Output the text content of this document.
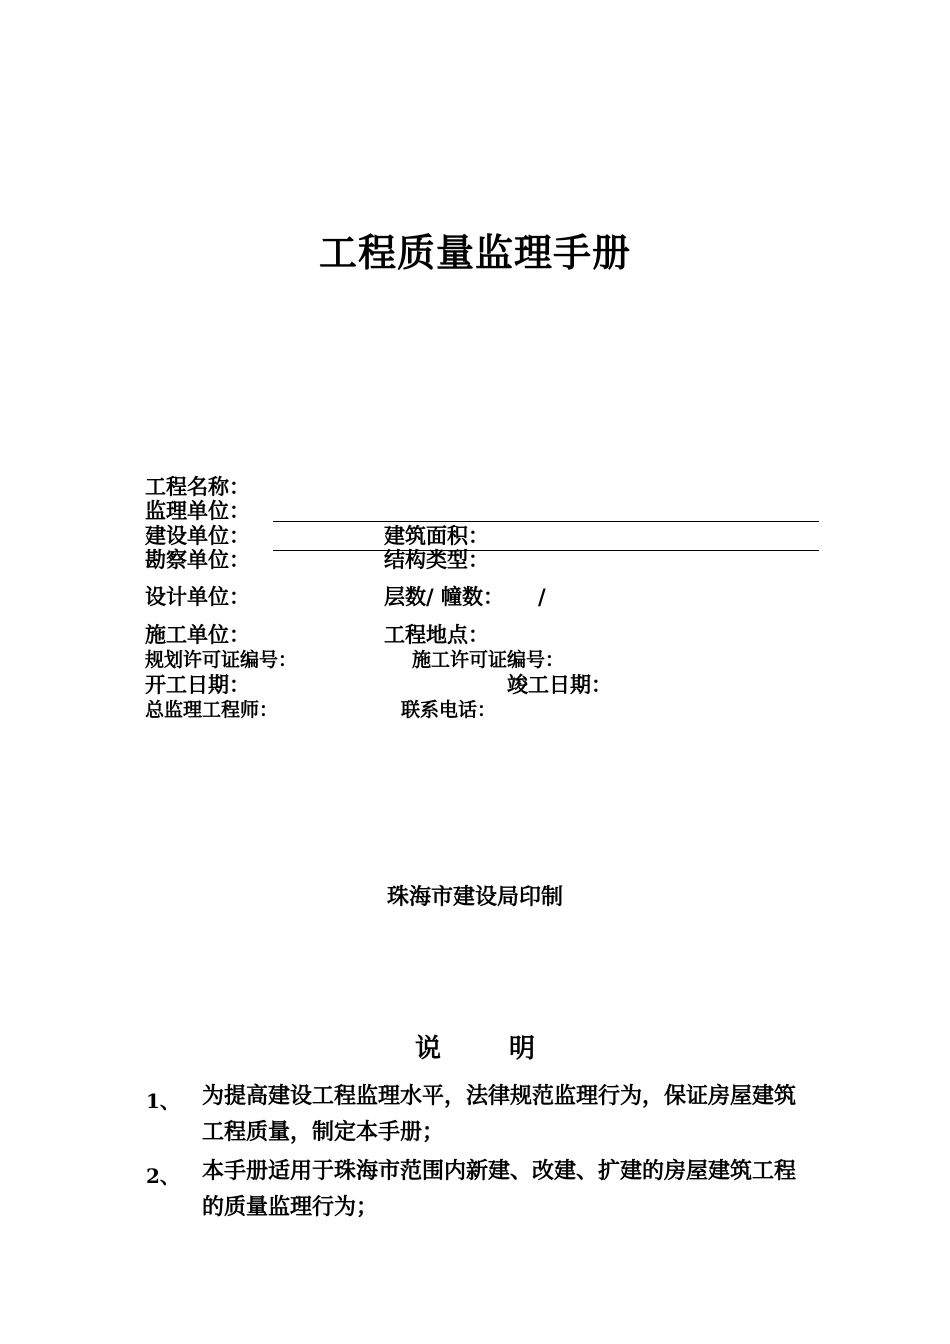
工程质量监理手册
工程名称：
监理单位：
建设单位：	建筑面积：
勘察单位：	结构类型：
设计单位：	层数/ 幢数： /
施工单位：	工程地点：
规划许可证编号：	施工许可证编号：
开工日期：	竣工日期：
总监理工程师：	联系电话：
珠海市建设局印制
说	明
1、 为提高建设工程监理水平，法律规范监理行为，保证房屋建筑工程质量，制定本手册；
2、 本手册适用于珠海市范围内新建、改建、扩建的房屋建筑工程的质量监理行为；
